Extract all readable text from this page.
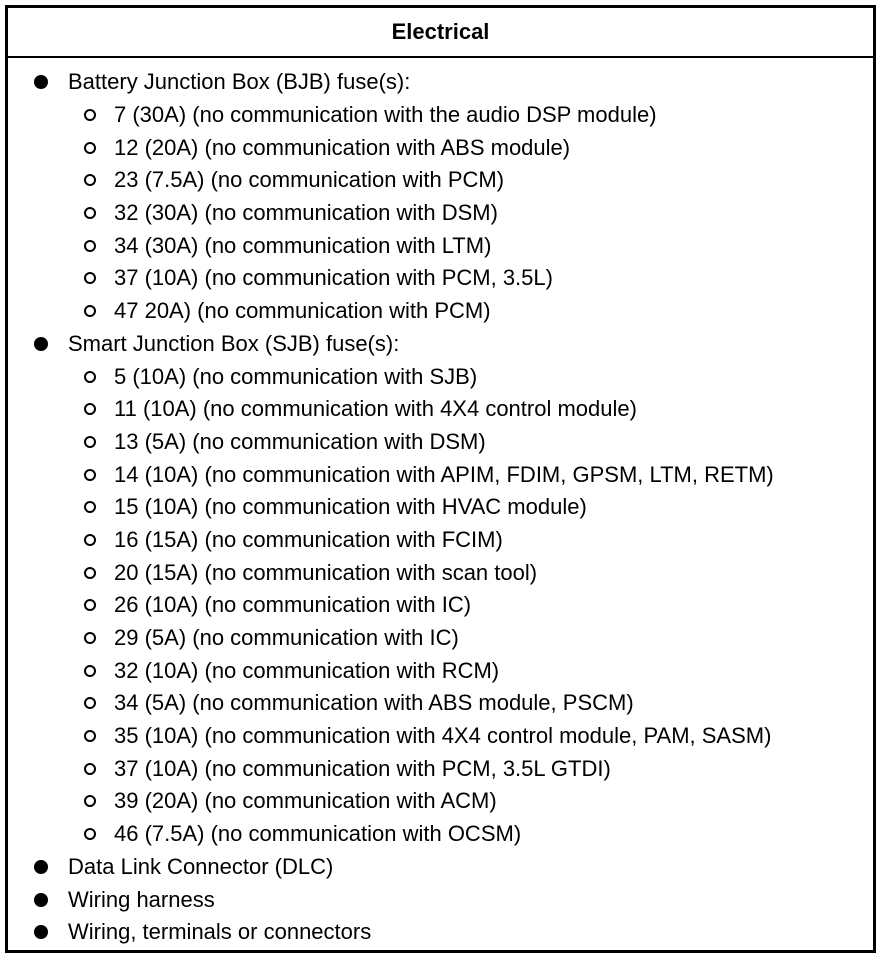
Electrical
Battery Junction Box (BJB) fuse(s):
7 (30A) (no communication with the audio DSP module)
12 (20A) (no communication with ABS module)
23 (7.5A) (no communication with PCM)
32 (30A) (no communication with DSM)
34 (30A) (no communication with LTM)
37 (10A) (no communication with PCM, 3.5L)
47 20A) (no communication with PCM)
Smart Junction Box (SJB) fuse(s):
5 (10A) (no communication with SJB)
11 (10A) (no communication with 4X4 control module)
13 (5A) (no communication with DSM)
14 (10A) (no communication with APIM, FDIM, GPSM, LTM, RETM)
15 (10A) (no communication with HVAC module)
16 (15A) (no communication with FCIM)
20 (15A) (no communication with scan tool)
26 (10A) (no communication with IC)
29 (5A) (no communication with IC)
32 (10A) (no communication with RCM)
34 (5A) (no communication with ABS module, PSCM)
35 (10A) (no communication with 4X4 control module, PAM, SASM)
37 (10A) (no communication with PCM, 3.5L GTDI)
39 (20A) (no communication with ACM)
46 (7.5A) (no communication with OCSM)
Data Link Connector (DLC)
Wiring harness
Wiring, terminals or connectors
